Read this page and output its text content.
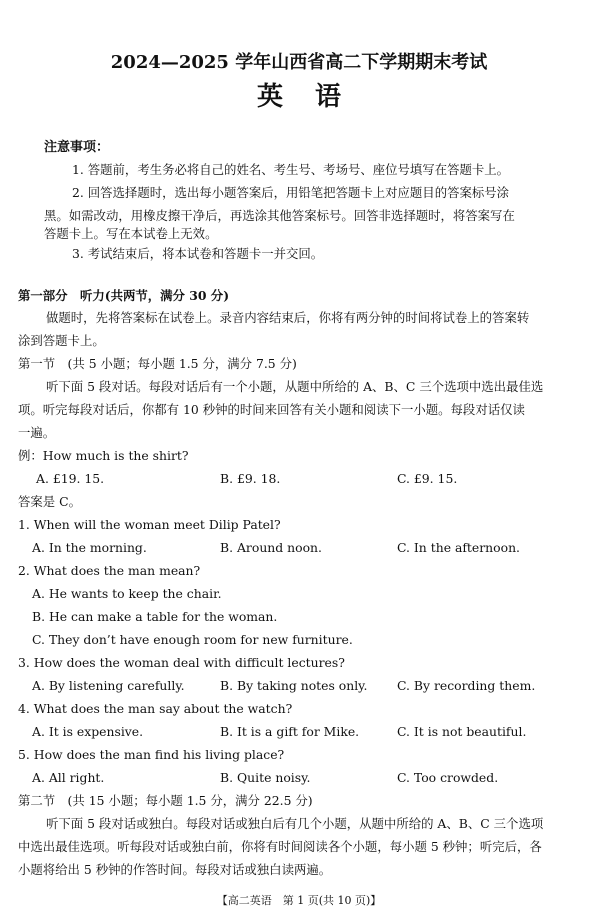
2024—2025 学年山西省高二下学期期末考试
英语
注意事项：
1. 答题前，考生务必将自己的姓名、考生号、考场号、座位号填写在答题卡上。
2. 回答选择题时，选出每小题答案后，用铅笔把答题卡上对应题目的答案标号涂
黑。如需改动，用橡皮擦干净后，再选涂其他答案标号。回答非选择题时，将答案写在
答题卡上。写在本试卷上无效。
3. 考试结束后，将本试卷和答题卡一并交回。
第一部分　听力(共两节，满分 30 分)
做题时，先将答案标在试卷上。录音内容结束后，你将有两分钟的时间将试卷上的答案转
涂到答题卡上。
第一节　(共 5 小题；每小题 1.5 分，满分 7.5 分)
听下面 5 段对话。每段对话后有一个小题，从题中所给的 A、B、C 三个选项中选出最佳选
项。听完每段对话后，你都有 10 秒钟的时间来回答有关小题和阅读下一小题。每段对话仅读
一遍。
例：How much is the shirt?
A. £19. 15.	B. £9. 18.	C. £9. 15.
答案是 C。
1. When will the woman meet Dilip Patel?
A. In the morning.	B. Around noon.	C. In the afternoon.
2. What does the man mean?
A. He wants to keep the chair.
B. He can make a table for the woman.
C. They don’t have enough room for new furniture.
3. How does the woman deal with difficult lectures?
A. By listening carefully.	B. By taking notes only. C. By recording them.
4. What does the man say about the watch?
A. It is expensive.	B. It is a gift for Mike.	C. It is not beautiful.
5. How does the man find his living place?
A. All right.	B. Quite noisy.	C. Too crowded.
第二节　(共 15 小题；每小题 1.5 分，满分 22.5 分)
听下面 5 段对话或独白。每段对话或独白后有几个小题，从题中所给的 A、B、C 三个选项
中选出最佳选项。听每段对话或独白前，你将有时间阅读各个小题，每小题 5 秒钟；听完后，各
小题将给出 5 秒钟的作答时间。每段对话或独白读两遍。
【高二英语　第 1 页(共 10 页)】
